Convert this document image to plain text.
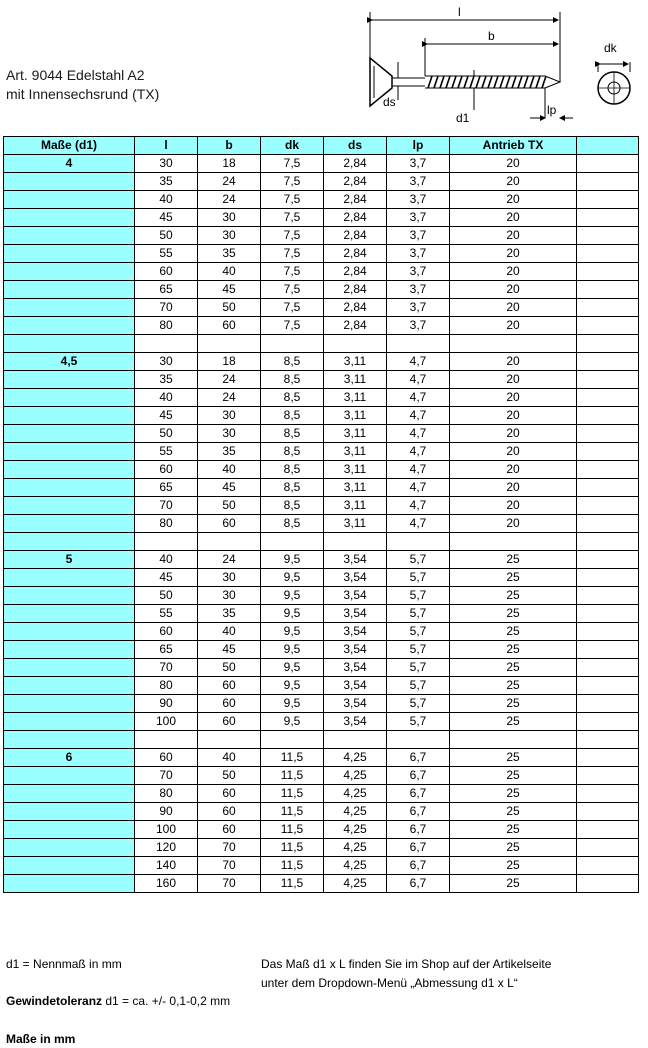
Art. 9044 Edelstahl A2
mit Innensechsrund (TX)
l
b
dk
ds
d1
lp
Maße (d1)	l	b	dk	ds	lp	Antrieb TX	
4	30	18	7,5	2,84	3,7	20	
	35	24	7,5	2,84	3,7	20	
	40	24	7,5	2,84	3,7	20	
	45	30	7,5	2,84	3,7	20	
	50	30	7,5	2,84	3,7	20	
	55	35	7,5	2,84	3,7	20	
	60	40	7,5	2,84	3,7	20	
	65	45	7,5	2,84	3,7	20	
	70	50	7,5	2,84	3,7	20	
	80	60	7,5	2,84	3,7	20	

4,5	30	18	8,5	3,11	4,7	20	
	35	24	8,5	3,11	4,7	20	
	40	24	8,5	3,11	4,7	20	
	45	30	8,5	3,11	4,7	20	
	50	30	8,5	3,11	4,7	20	
	55	35	8,5	3,11	4,7	20	
	60	40	8,5	3,11	4,7	20	
	65	45	8,5	3,11	4,7	20	
	70	50	8,5	3,11	4,7	20	
	80	60	8,5	3,11	4,7	20	

5	40	24	9,5	3,54	5,7	25	
	45	30	9,5	3,54	5,7	25	
	50	30	9,5	3,54	5,7	25	
	55	35	9,5	3,54	5,7	25	
	60	40	9,5	3,54	5,7	25	
	65	45	9,5	3,54	5,7	25	
	70	50	9,5	3,54	5,7	25	
	80	60	9,5	3,54	5,7	25	
	90	60	9,5	3,54	5,7	25	
	100	60	9,5	3,54	5,7	25	

6	60	40	11,5	4,25	6,7	25	
	70	50	11,5	4,25	6,7	25	
	80	60	11,5	4,25	6,7	25	
	90	60	11,5	4,25	6,7	25	
	100	60	11,5	4,25	6,7	25	
	120	70	11,5	4,25	6,7	25	
	140	70	11,5	4,25	6,7	25	
	160	70	11,5	4,25	6,7	25	
d1 = Nennmaß in mm
Gewindetoleranz d1 = ca. +/- 0,1-0,2 mm
Maße in mm
Das Maß d1 x L finden Sie im Shop auf der Artikelseite
unter dem Dropdown-Menü „Abmessung d1 x L“
